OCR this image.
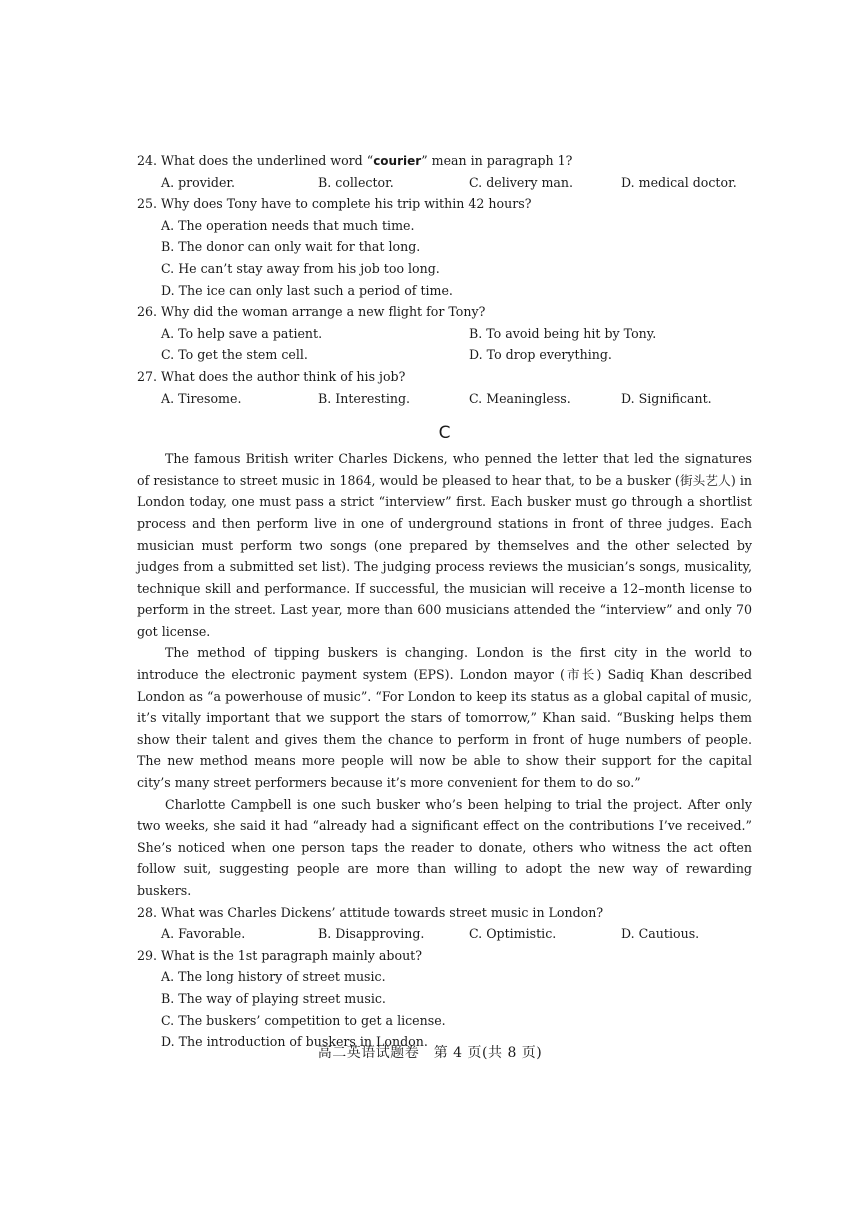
24. What does the underlined word “courier” mean in paragraph 1?
A. provider.	B. collector.	C. delivery man.	D. medical doctor.
25. Why does Tony have to complete his trip within 42 hours?
A. The operation needs that much time.
B. The donor can only wait for that long.
C. He can’t stay away from his job too long.
D. The ice can only last such a period of time.
26. Why did the woman arrange a new flight for Tony?
A. To help save a patient.	B. To avoid being hit by Tony.
C. To get the stem cell.	D. To drop everything.
27. What does the author think of his job?
A. Tiresome.	B. Interesting.	C. Meaningless.	D. Significant.
C

The famous British writer Charles Dickens, who penned the letter that led the signatures of resistance to street music in 1864, would be pleased to hear that, to be a busker (街头艺人) in London today, one must pass a strict “interview” first. Each busker must go through a shortlist process and then perform live in one of underground stations in front of three judges. Each musician must perform two songs (one prepared by themselves and the other selected by judges from a submitted set list). The judging process reviews the musician’s songs, musicality, technique skill and performance. If successful, the musician will receive a 12–month license to perform in the street. Last year, more than 600 musicians attended the “interview” and only 70 got license.

The method of tipping buskers is changing. London is the first city in the world to introduce the electronic payment system (EPS). London mayor (市长) Sadiq Khan described London as “a powerhouse of music”. “For London to keep its status as a global capital of music, it’s vitally important that we support the stars of tomorrow,” Khan said. “Busking helps them show their talent and gives them the chance to perform in front of huge numbers of people. The new method means more people will now be able to show their support for the capital city’s many street performers because it’s more convenient for them to do so.”

Charlotte Campbell is one such busker who’s been helping to trial the project. After only two weeks, she said it had “already had a significant effect on the contributions I’ve received.” She’s noticed when one person taps the reader to donate, others who witness the act often follow suit, suggesting people are more than willing to adopt the new way of rewarding buskers.

28. What was Charles Dickens’ attitude towards street music in London?
A. Favorable.	B. Disapproving.	C. Optimistic.	D. Cautious.
29. What is the 1st paragraph mainly about?
A. The long history of street music.
B. The way of playing street music.
C. The buskers’ competition to get a license.
D. The introduction of buskers in London.
高二英语试题卷　第 4 页(共 8 页)
